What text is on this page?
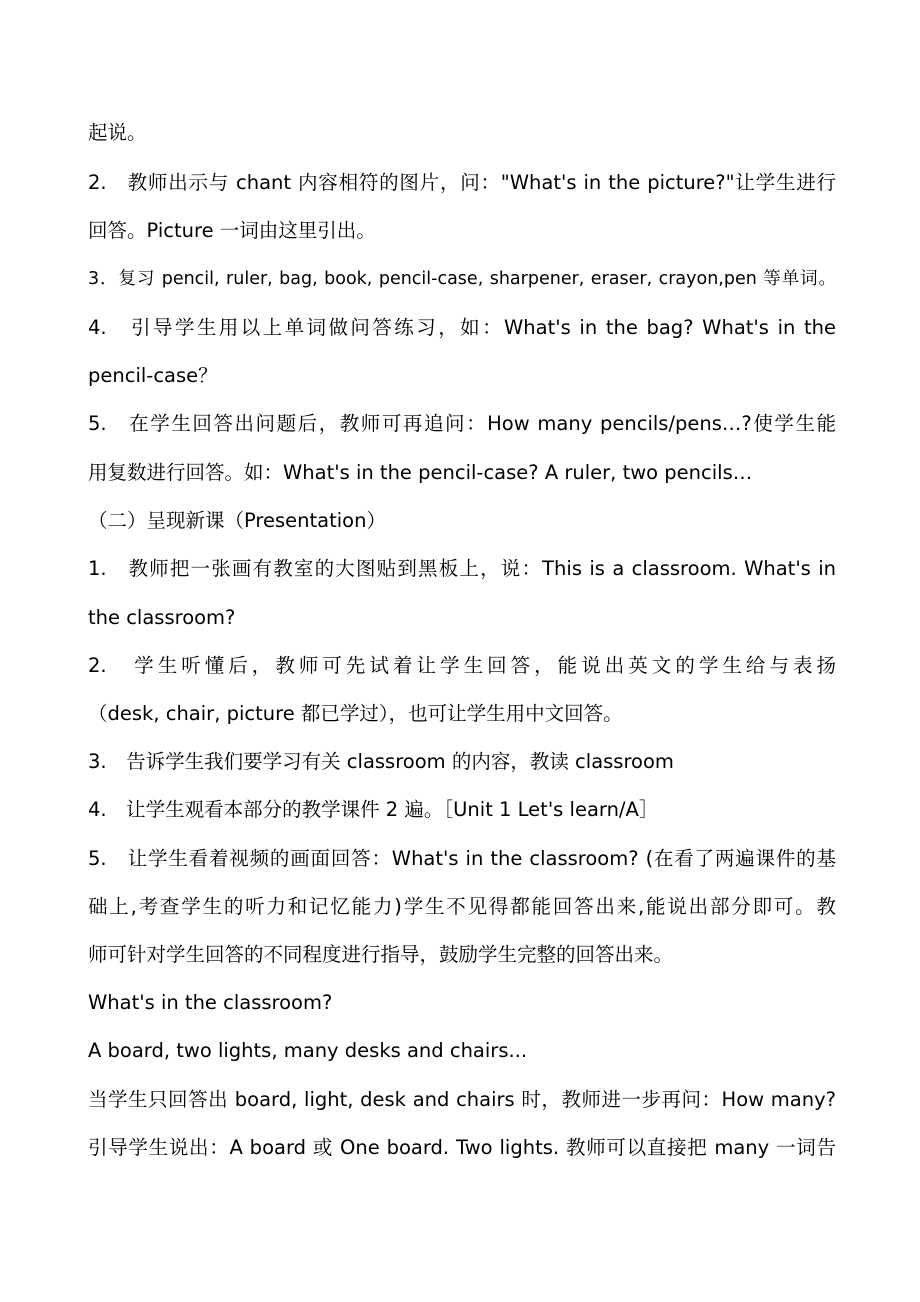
起说。
2.　教师出示与 chant 内容相符的图片，问："What's in the picture?"让学生进行
回答。Picture 一词由这里引出。
3．复习 pencil, ruler, bag, book, pencil-case, sharpener, eraser, crayon,pen 等单词。
4.　引导学生用以上单词做问答练习，如：What's in the bag? What's in the
pencil-case？
5.　在学生回答出问题后，教师可再追问：How many pencils/pens…?使学生能
用复数进行回答。如：What's in the pencil-case? A ruler, two pencils…
（二）呈现新课（Presentation）
1.　教师把一张画有教室的大图贴到黑板上，说：This is a classroom. What's in
the classroom?
2.　学生听懂后，教师可先试着让学生回答，能说出英文的学生给与表扬
（desk, chair, picture 都已学过），也可让学生用中文回答。
3.　告诉学生我们要学习有关 classroom 的内容，教读 classroom
4.　让学生观看本部分的教学课件 2 遍。［Unit 1 Let's learn/A］
5.　让学生看着视频的画面回答：What's in the classroom? (在看了两遍课件的基
础上,考查学生的听力和记忆能力)学生不见得都能回答出来,能说出部分即可。教
师可针对学生回答的不同程度进行指导，鼓励学生完整的回答出来。
What's in the classroom?
A board, two lights, many desks and chairs...
当学生只回答出 board, light, desk and chairs 时，教师进一步再问：How many?
引导学生说出：A board 或 One board. Two lights. 教师可以直接把 many 一词告
